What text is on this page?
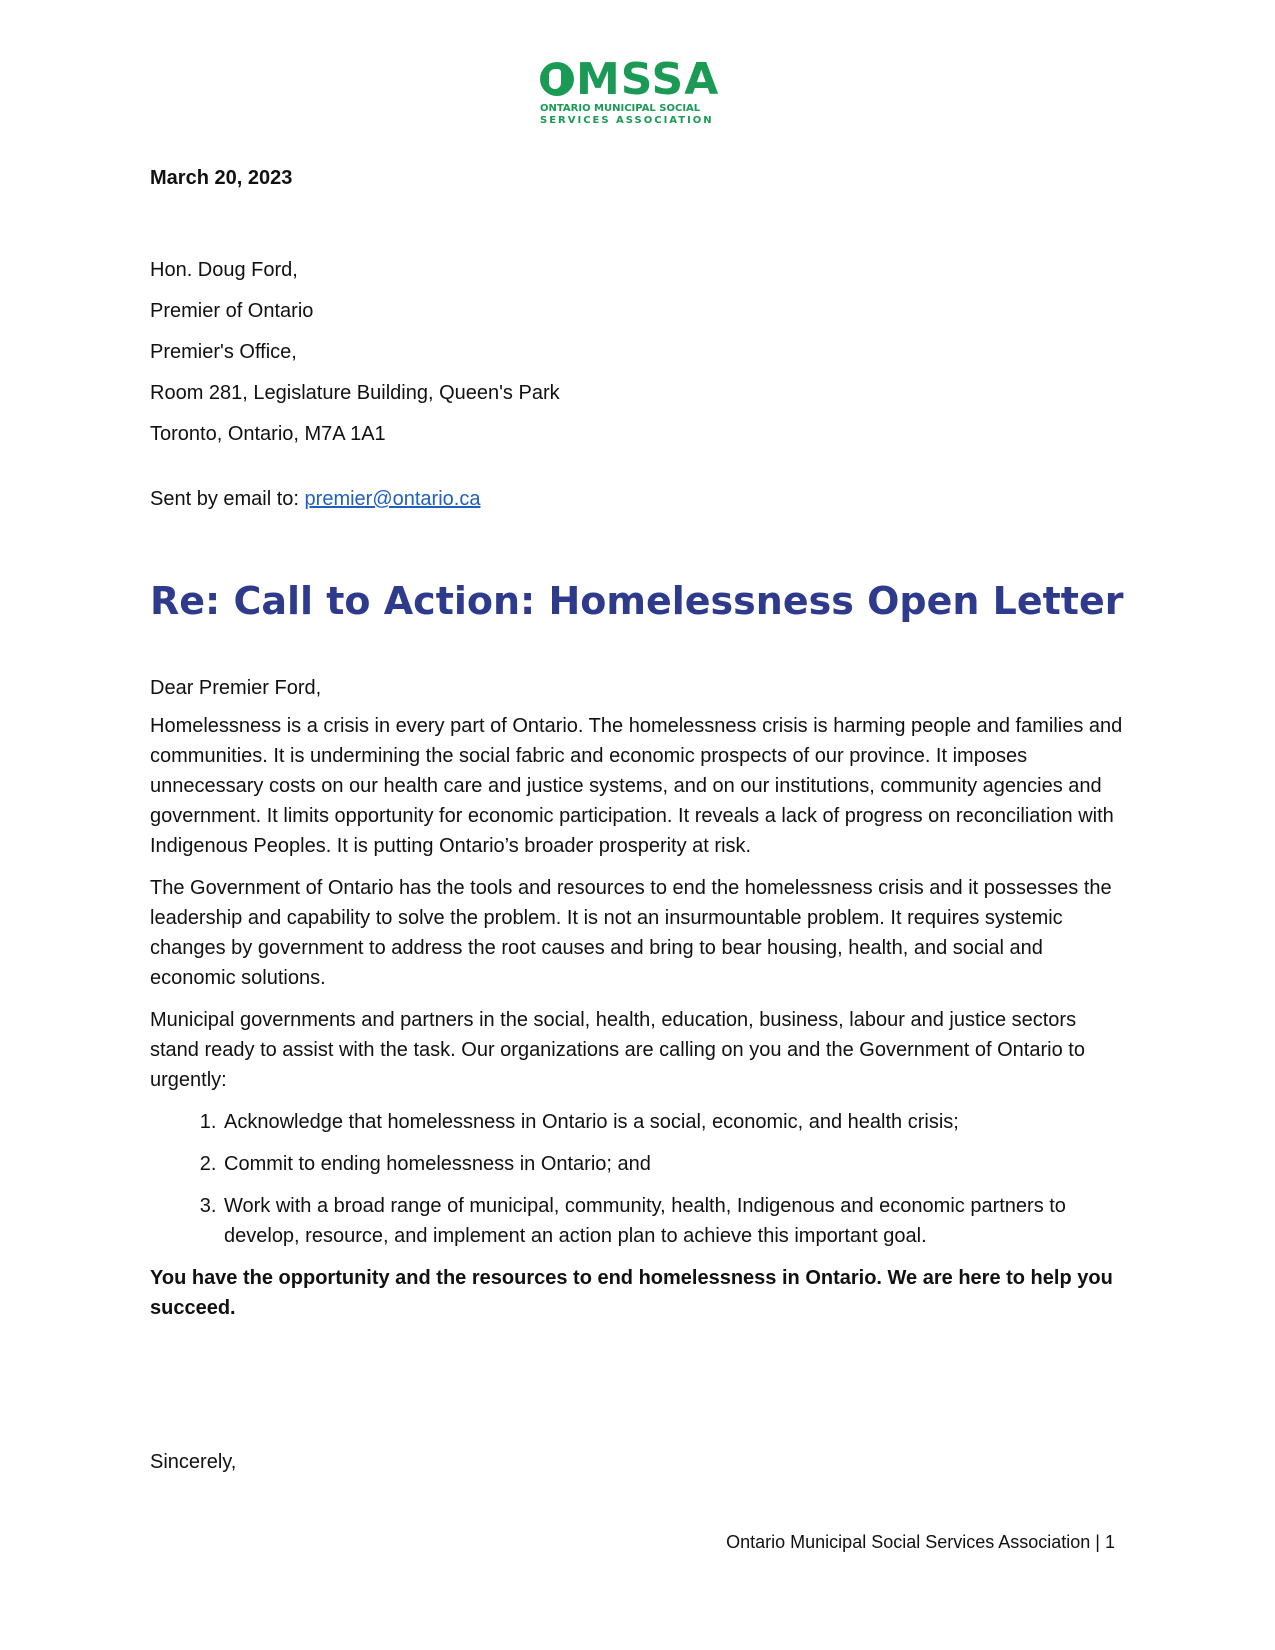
MSSA
ONTARIO MUNICIPAL SOCIAL
SERVICES ASSOCIATION
March 20, 2023
Hon. Doug Ford,
Premier of Ontario
Premier's Office,
Room 281, Legislature Building, Queen's Park
Toronto, Ontario, M7A 1A1
Sent by email to: premier@ontario.ca
Re: Call to Action: Homelessness Open Letter

Dear Premier Ford,

Homelessness is a crisis in every part of Ontario. The homelessness crisis is harming people and families and communities. It is undermining the social fabric and economic prospects of our province. It imposes unnecessary costs on our health care and justice systems, and on our institutions, community agencies and government. It limits opportunity for economic participation. It reveals a lack of progress on reconciliation with Indigenous Peoples. It is putting Ontario’s broader prosperity at risk.

The Government of Ontario has the tools and resources to end the homelessness crisis and it possesses the leadership and capability to solve the problem. It is not an insurmountable problem. It requires systemic changes by government to address the root causes and bring to bear housing, health, and social and economic solutions.

Municipal governments and partners in the social, health, education, business, labour and justice sectors stand ready to assist with the task. Our organizations are calling on you and the Government of Ontario to urgently:

1. Acknowledge that homelessness in Ontario is a social, economic, and health crisis;
2. Commit to ending homelessness in Ontario; and
3. Work with a broad range of municipal, community, health, Indigenous and economic partners to develop, resource, and implement an action plan to achieve this important goal.

You have the opportunity and the resources to end homelessness in Ontario. We are here to help you succeed.

Sincerely,
Ontario Municipal Social Services Association | 1
